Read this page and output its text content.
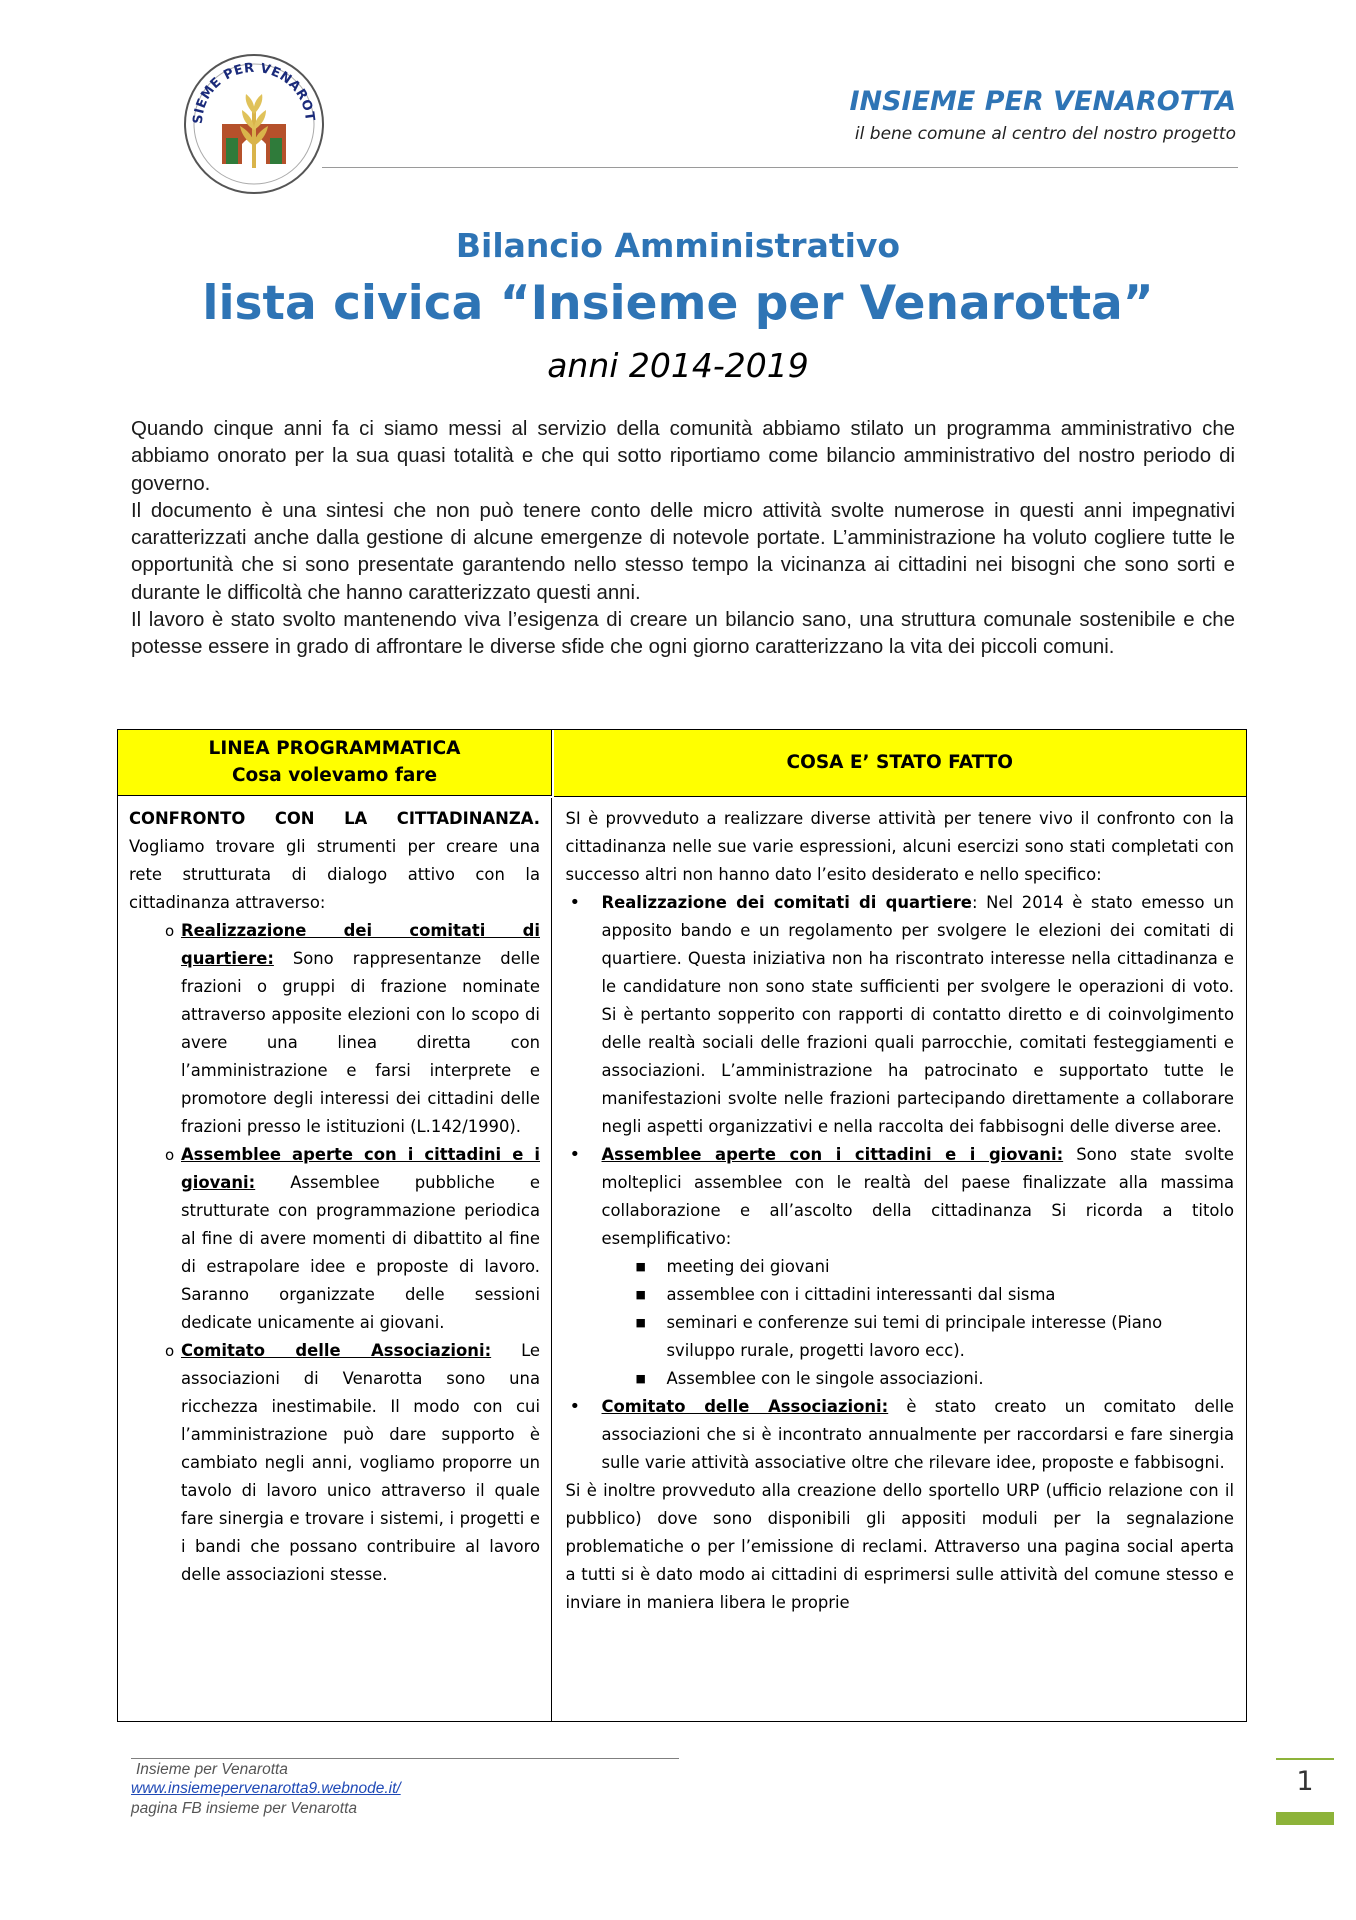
SIEME PER VENAROT	INSIEME PER VENAROTTA
il bene comune al centro del nostro progetto
Bilancio Amministrativo
lista civica “Insieme per Venarotta”
anni 2014-2019

Quando cinque anni fa ci siamo messi al servizio della comunità abbiamo stilato un programma amministrativo che abbiamo onorato per la sua quasi totalità e che qui sotto riportiamo come bilancio amministrativo del nostro periodo di governo.

Il documento è una sintesi che non può tenere conto delle micro attività svolte numerose in questi anni impegnativi caratterizzati anche dalla gestione di alcune emergenze di notevole portate. L’amministrazione ha voluto cogliere tutte le opportunità che si sono presentate garantendo nello stesso tempo la vicinanza ai cittadini nei bisogni che sono sorti e durante le difficoltà che hanno caratterizzato questi anni.

Il lavoro è stato svolto mantenendo viva l’esigenza di creare un bilancio sano, una struttura comunale sostenibile e che potesse essere in grado di affrontare le diverse sfide che ogni giorno caratterizzano la vita dei piccoli comuni.

LINEA PROGRAMMATICA
Cosa volevamo fare
COSA E’ STATO FATTO

CONFRONTO CON LA CITTADINANZA. Vogliamo trovare gli strumenti per creare una rete strutturata di dialogo attivo con la cittadinanza attraverso:

o Realizzazione dei comitati di quartiere: Sono rappresentanze delle frazioni o gruppi di frazione nominate attraverso apposite elezioni con lo scopo di avere una linea diretta con l’amministrazione e farsi interprete e promotore degli interessi dei cittadini delle frazioni presso le istituzioni (L.142/1990).
o Assemblee aperte con i cittadini e i giovani: Assemblee pubbliche e strutturate con programmazione periodica al fine di avere momenti di dibattito al fine di estrapolare idee e proposte di lavoro. Saranno organizzate delle sessioni dedicate unicamente ai giovani.
o Comitato delle Associazioni: Le associazioni di Venarotta sono una ricchezza inestimabile. Il modo con cui l’amministrazione può dare supporto è cambiato negli anni, vogliamo proporre un tavolo di lavoro unico attraverso il quale fare sinergia e trovare i sistemi, i progetti e i bandi che possano contribuire al lavoro delle associazioni stesse.

SI è provveduto a realizzare diverse attività per tenere vivo il confronto con la cittadinanza nelle sue varie espressioni, alcuni esercizi sono stati completati con successo altri non hanno dato l’esito desiderato e nello specifico:

• Realizzazione dei comitati di quartiere: Nel 2014 è stato emesso un apposito bando e un regolamento per svolgere le elezioni dei comitati di quartiere. Questa iniziativa non ha riscontrato interesse nella cittadinanza e le candidature non sono state sufficienti per svolgere le operazioni di voto. Si è pertanto sopperito con rapporti di contatto diretto e di coinvolgimento delle realtà sociali delle frazioni quali parrocchie, comitati festeggiamenti e associazioni. L’amministrazione ha patrocinato e supportato tutte le manifestazioni svolte nelle frazioni partecipando direttamente a collaborare negli aspetti organizzativi e nella raccolta dei fabbisogni delle diverse aree.
• Assemblee aperte con i cittadini e i giovani: Sono state svolte molteplici assemblee con le realtà del paese finalizzate alla massima collaborazione e all’ascolto della cittadinanza Si ricorda a titolo esemplificativo:
■ meeting dei giovani
■ assemblee con i cittadini interessanti dal sisma
■ seminari e conferenze sui temi di principale interesse (Piano sviluppo rurale, progetti lavoro ecc).
■ Assemblee con le singole associazioni.
• Comitato delle Associazioni: è stato creato un comitato delle associazioni che si è incontrato annualmente per raccordarsi e fare sinergia sulle varie attività associative oltre che rilevare idee, proposte e fabbisogni.

Si è inoltre provveduto alla creazione dello sportello URP (ufficio relazione con il pubblico) dove sono disponibili gli appositi moduli per la segnalazione problematiche o per l’emissione di reclami. Attraverso una pagina social aperta a tutti si è dato modo ai cittadini di esprimersi sulle attività del comune stesso e inviare in maniera libera le proprie

Insieme per Venarotta
www.insiemepervenarotta9.webnode.it/
pagina FB insieme per Venarotta
1
